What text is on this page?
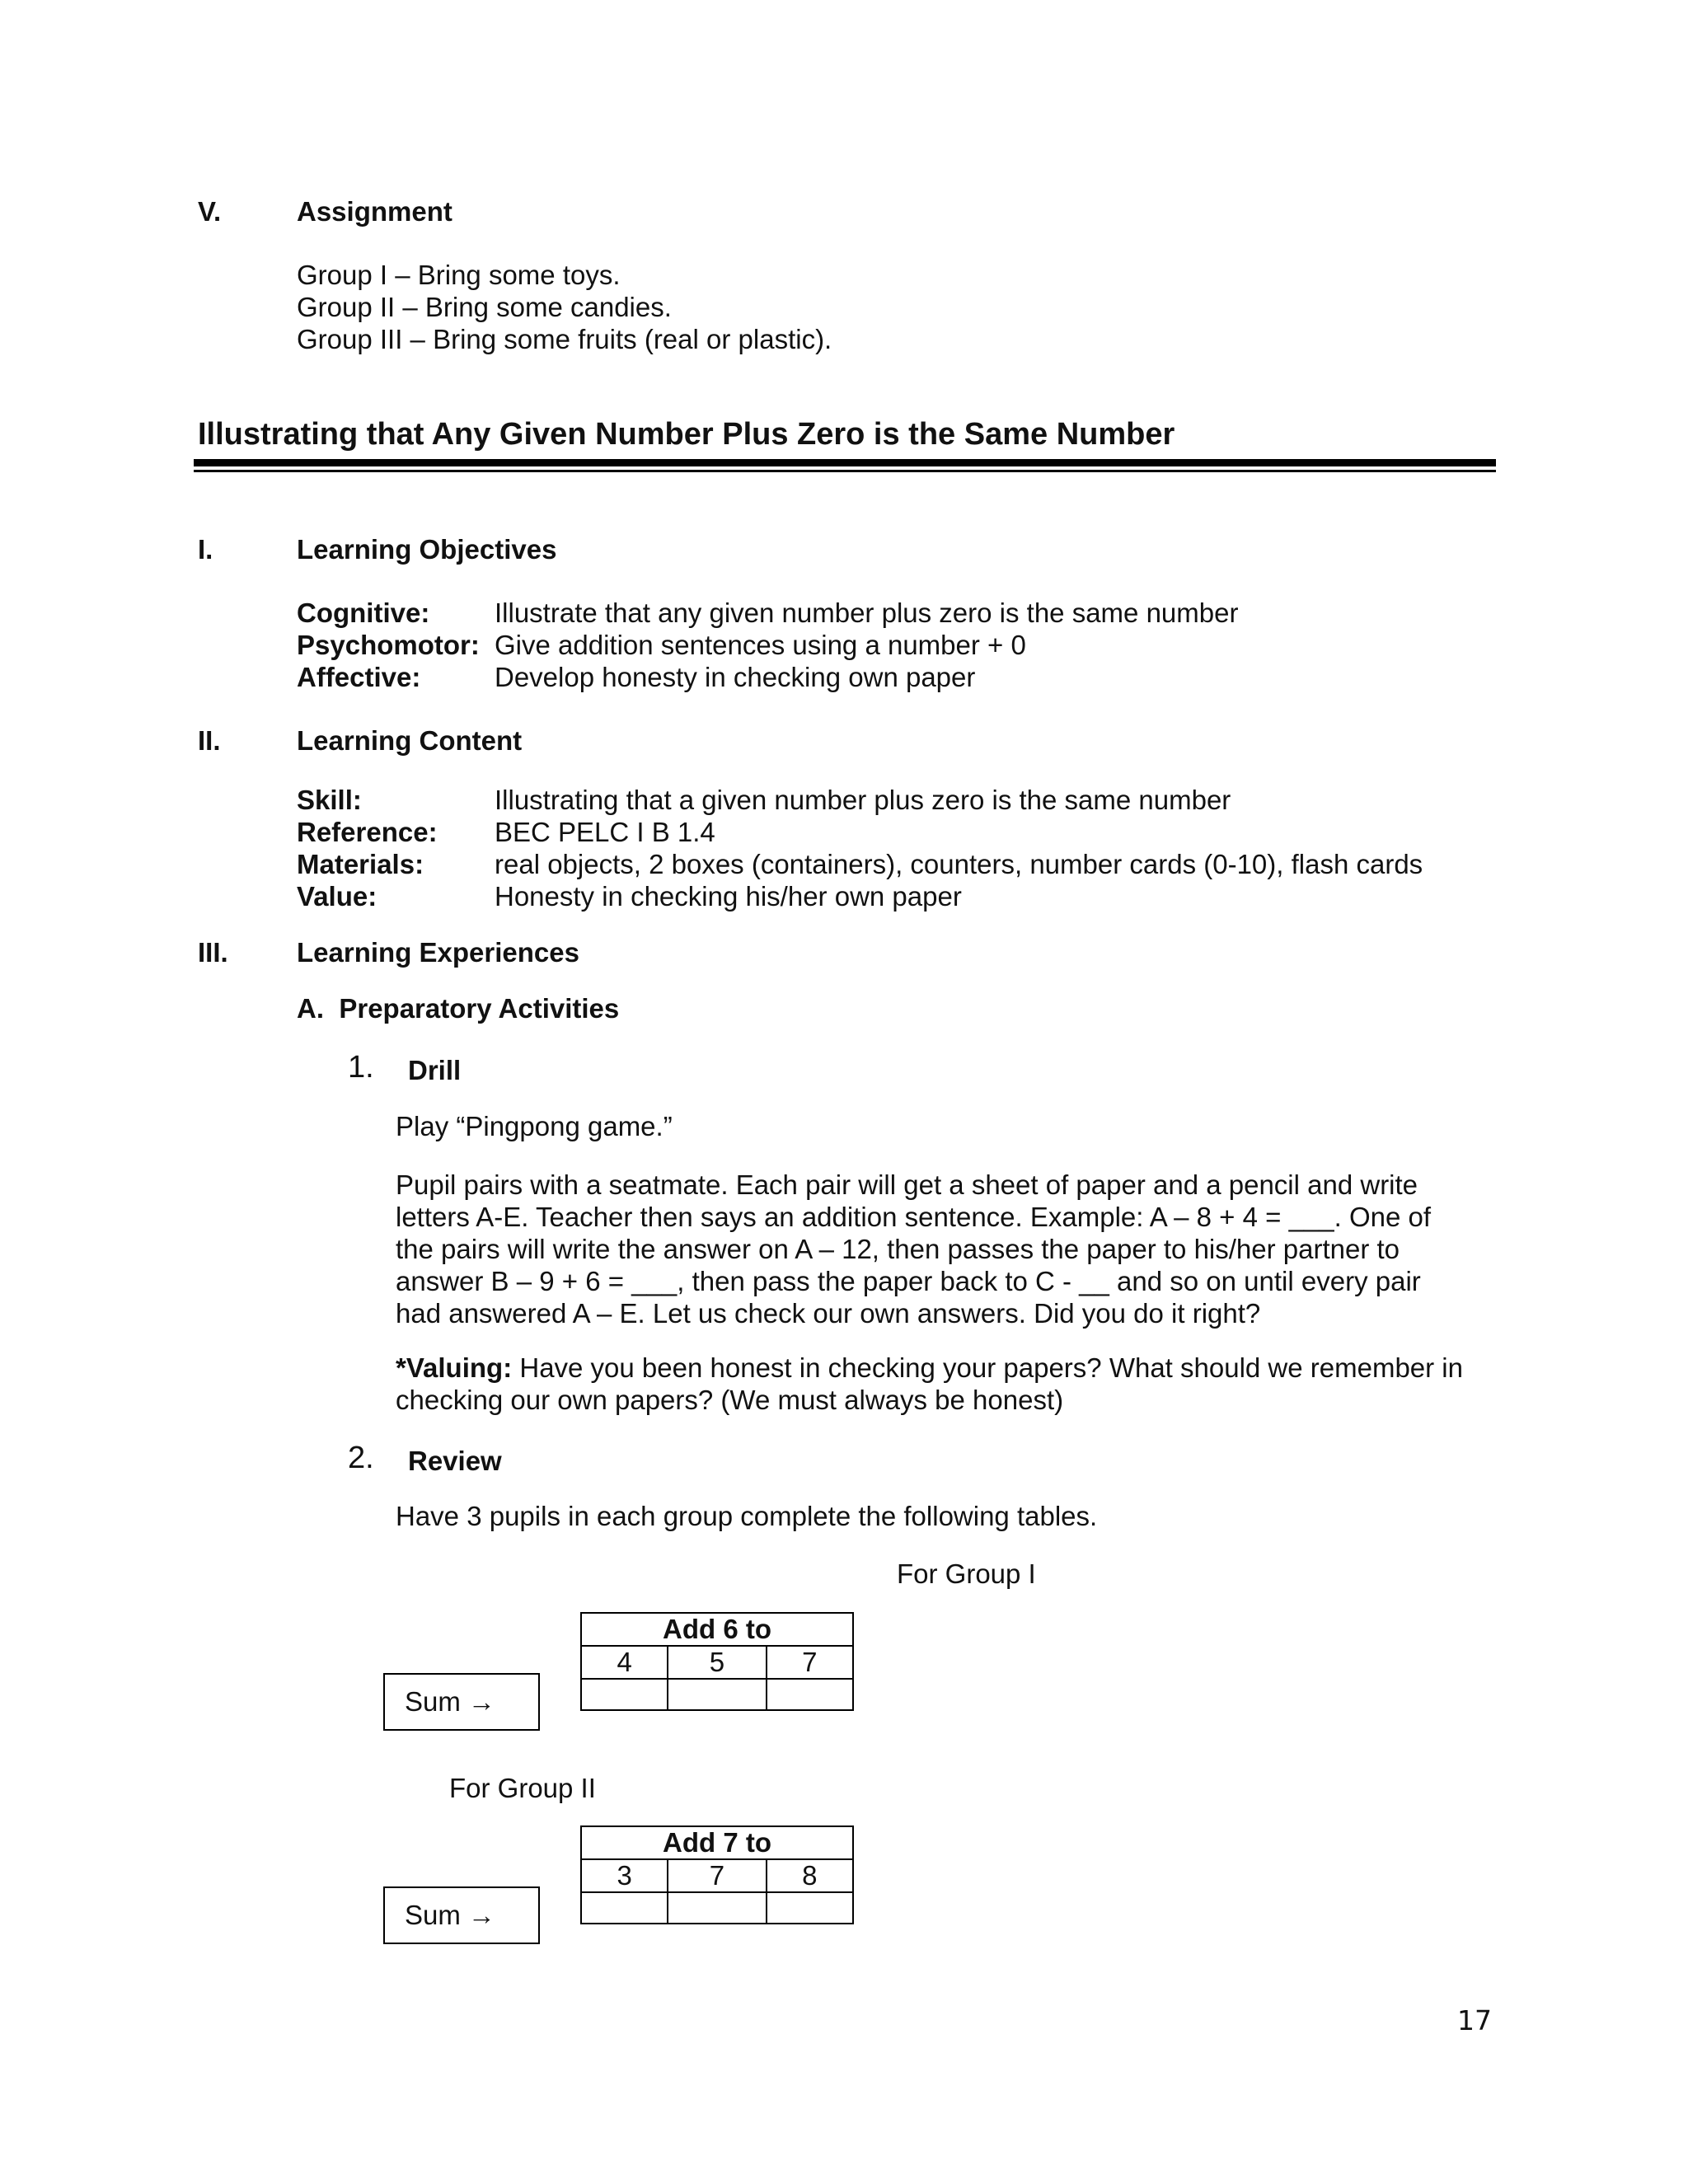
V.	Assignment
Group I – Bring some toys.
Group II – Bring some candies.
Group III – Bring some fruits (real or plastic).
Illustrating that Any Given Number Plus Zero is the Same Number
I.	Learning Objectives
Cognitive: Illustrate that any given number plus zero is the same number
Psychomotor: Give addition sentences using a number + 0
Affective:	Develop honesty in checking own paper
II.	Learning Content
Skill:	Illustrating that a given number plus zero is the same number
Reference: BEC PELC I B 1.4
Materials:	real objects, 2 boxes (containers), counters, number cards (0-10), flash cards
Value:	Honesty in checking his/her own paper
III.	Learning Experiences
A.  Preparatory Activities
1. Drill
Play “Pingpong game.”
Pupil pairs with a seatmate. Each pair will get a sheet of paper and a pencil and write
letters A-E. Teacher then says an addition sentence. Example: A – 8 + 4 = ___. One of
the pairs will write the answer on A – 12, then passes the paper to his/her partner to
answer B – 9 + 6 = ___, then pass the paper back to C - __ and so on until every pair
had answered A – E. Let us check our own answers. Did you do it right?
*Valuing: Have you been honest in checking your papers? What should we remember in
checking our own papers? (We must always be honest)
2. Review
Have 3 pupils in each group complete the following tables.
For Group I
Add 6 to		
4	5	7

Sum →
For Group II
Add 7 to		
3	7	8

Sum →
17
